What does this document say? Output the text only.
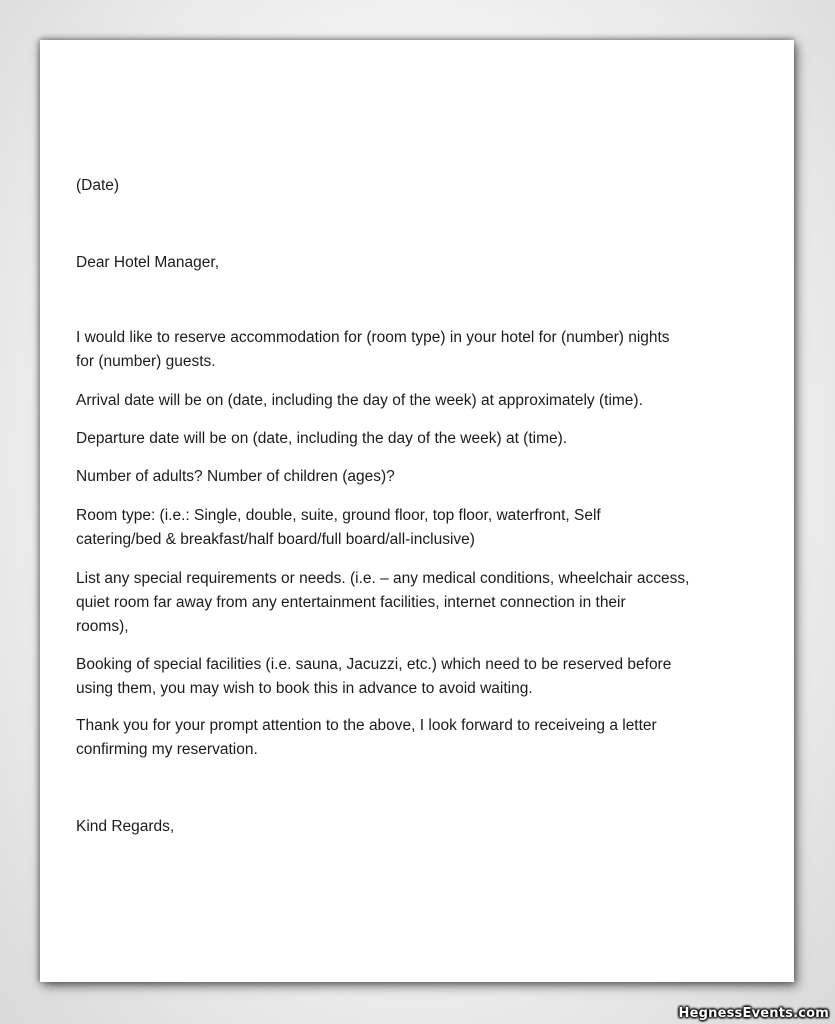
(Date)
Dear Hotel Manager,
I would like to reserve accommodation for (room type) in your hotel for (number) nights
for (number) guests.
Arrival date will be on (date, including the day of the week) at approximately (time).
Departure date will be on (date, including the day of the week) at (time).
Number of adults? Number of children (ages)?
Room type: (i.e.: Single, double, suite, ground floor, top floor, waterfront, Self
catering/bed & breakfast/half board/full board/all-inclusive)
List any special requirements or needs. (i.e. – any medical conditions, wheelchair access,
quiet room far away from any entertainment facilities, internet connection in their
rooms),
Booking of special facilities (i.e. sauna, Jacuzzi, etc.) which need to be reserved before
using them, you may wish to book this in advance to avoid waiting.
Thank you for your prompt attention to the above, I look forward to receiveing a letter
confirming my reservation.
Kind Regards,
HegnessEvents.com
